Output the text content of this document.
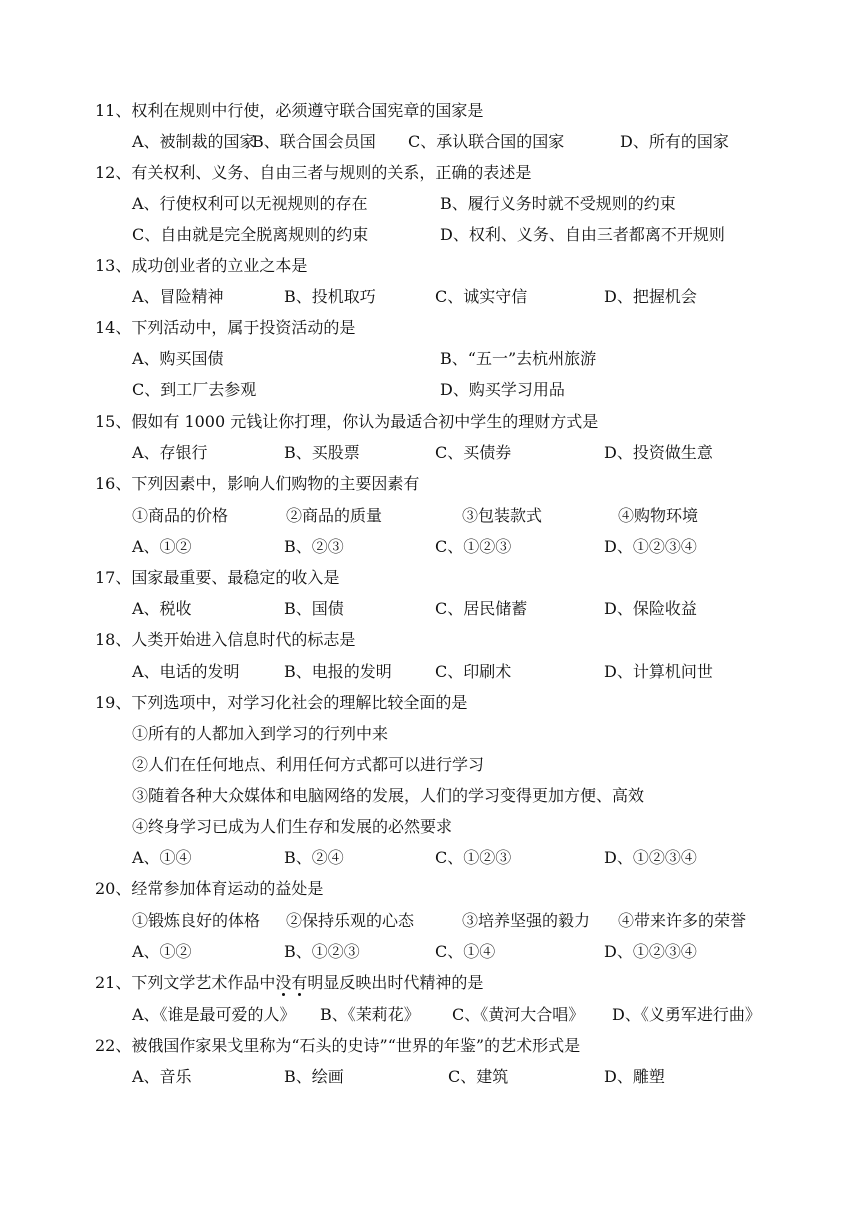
11、权利在规则中行使，必须遵守联合国宪章的国家是
A、被制裁的国家
B、联合国会员国 C、承认联合国的国家	D、所有的国家
12、有关权利、义务、自由三者与规则的关系，正确的表述是
A、行使权利可以无视规则的存在	B、履行义务时就不受规则的约束
C、自由就是完全脱离规则的约束	D、权利、义务、自由三者都离不开规则
13、成功创业者的立业之本是
A、冒险精神	B、投机取巧	C、诚实守信	D、把握机会
14、下列活动中，属于投资活动的是
A、购买国债	B、“五一”去杭州旅游
C、到工厂去参观	D、购买学习用品
15、假如有 1000 元钱让你打理，你认为最适合初中学生的理财方式是
A、存银行	B、买股票	C、买债券	D、投资做生意
16、下列因素中，影响人们购物的主要因素有
①商品的价格	②商品的质量	③包装款式	④购物环境
A、①②	B、②③	C、①②③	D、①②③④
17、国家最重要、最稳定的收入是
A、税收	B、国债	C、居民储蓄	D、保险收益
18、人类开始进入信息时代的标志是
A、电话的发明	B、电报的发明	C、印刷术	D、计算机问世
19、下列选项中，对学习化社会的理解比较全面的是
①所有的人都加入到学习的行列中来
②人们在任何地点、利用任何方式都可以进行学习
③随着各种大众媒体和电脑网络的发展，人们的学习变得更加方便、高效
④终身学习已成为人们生存和发展的必然要求
A、①④	B、②④	C、①②③	D、①②③④
20、经常参加体育运动的益处是
①锻炼良好的体格 ②保持乐观的心态	③培养坚强的毅力 ④带来许多的荣誉
A、①②	B、①②③	C、①④	D、①②③④
21、下列文学艺术作品中没有明显反映出时代精神的是
A、《谁是最可爱的人》 B、《茉莉花》 C、《黄河大合唱》 D、《义勇军进行曲》
22、被俄国作家果戈里称为“石头的史诗”“世界的年鉴”的艺术形式是
A、音乐	B、绘画	C、建筑	D、雕塑
